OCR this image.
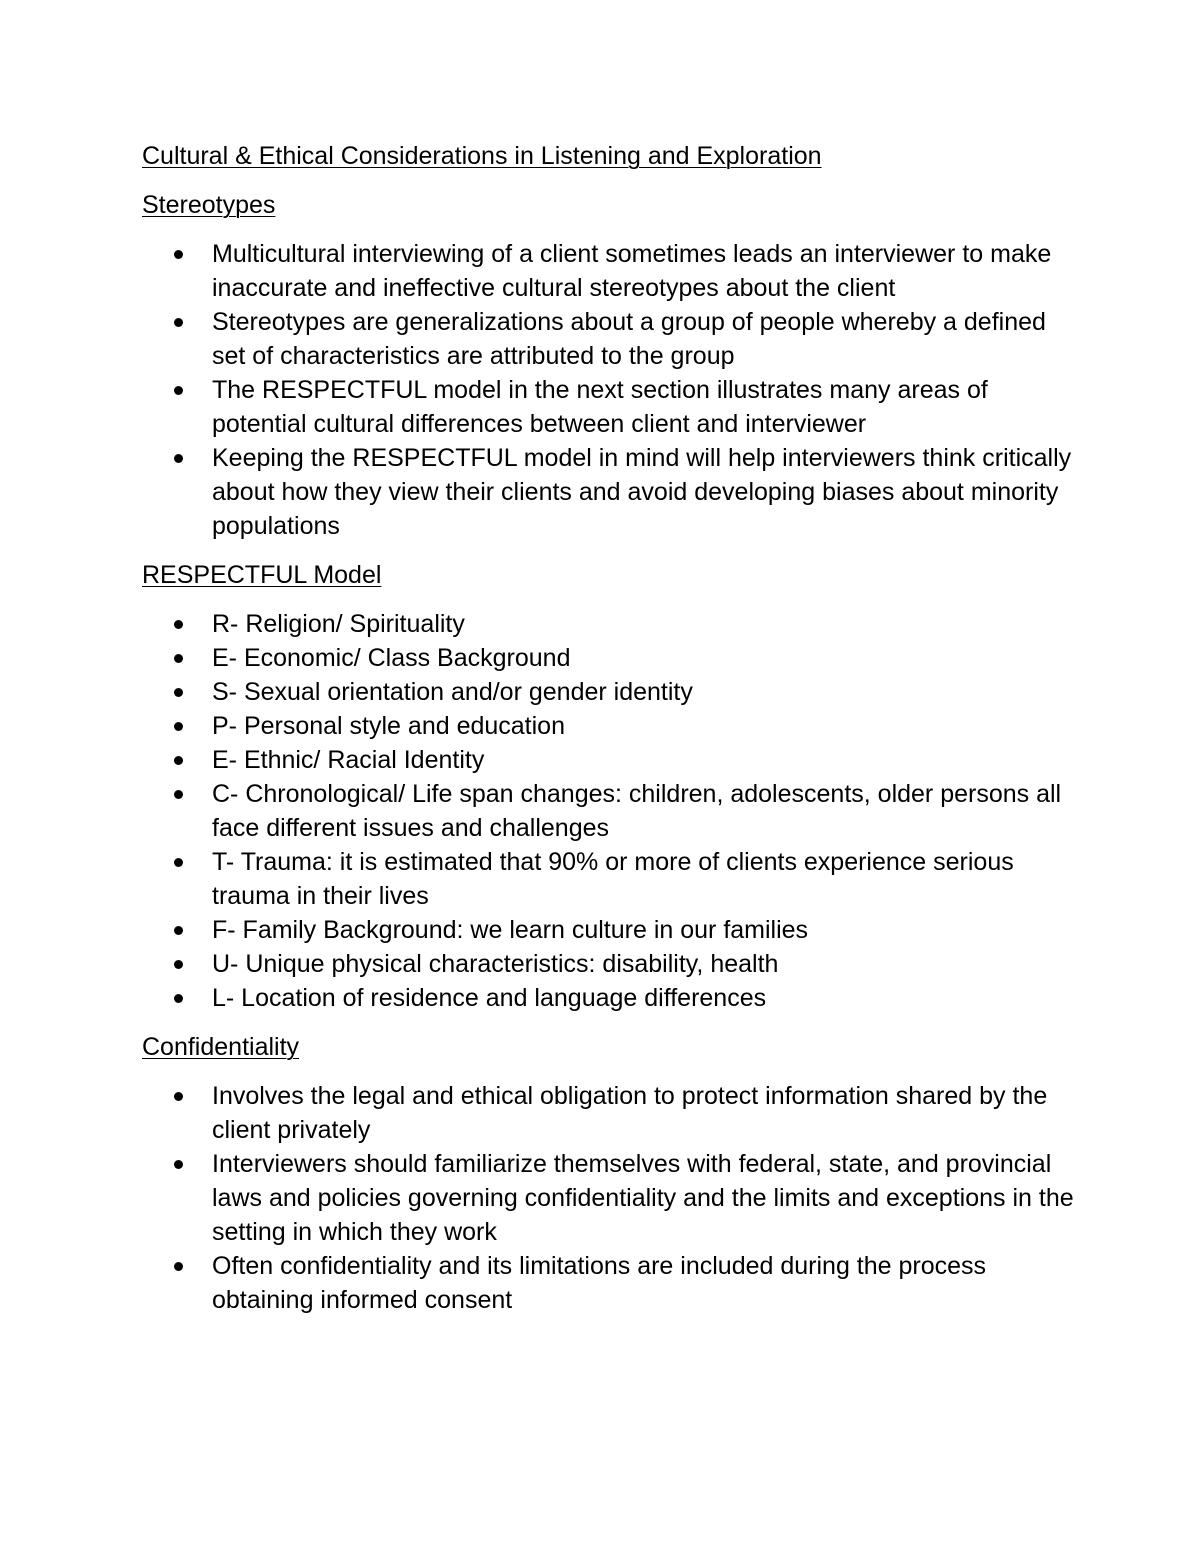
Cultural & Ethical Considerations in Listening and Exploration
Stereotypes
Multicultural interviewing of a client sometimes leads an interviewer to make inaccurate and ineffective cultural stereotypes about the client
Stereotypes are generalizations about a group of people whereby a defined set of characteristics are attributed to the group
The RESPECTFUL model in the next section illustrates many areas of potential cultural differences between client and interviewer
Keeping the RESPECTFUL model in mind will help interviewers think critically about how they view their clients and avoid developing biases about minority populations
RESPECTFUL Model
R- Religion/ Spirituality
E- Economic/ Class Background
S- Sexual orientation and/or gender identity
P- Personal style and education
E- Ethnic/ Racial Identity
C- Chronological/ Life span changes: children, adolescents, older persons all face different issues and challenges
T- Trauma: it is estimated that 90% or more of clients experience serious trauma in their lives
F- Family Background: we learn culture in our families
U- Unique physical characteristics: disability, health
L- Location of residence and language differences
Confidentiality
Involves the legal and ethical obligation to protect information shared by the client privately
Interviewers should familiarize themselves with federal, state, and provincial laws and policies governing confidentiality and the limits and exceptions in the setting in which they work
Often confidentiality and its limitations are included during the process obtaining informed consent
